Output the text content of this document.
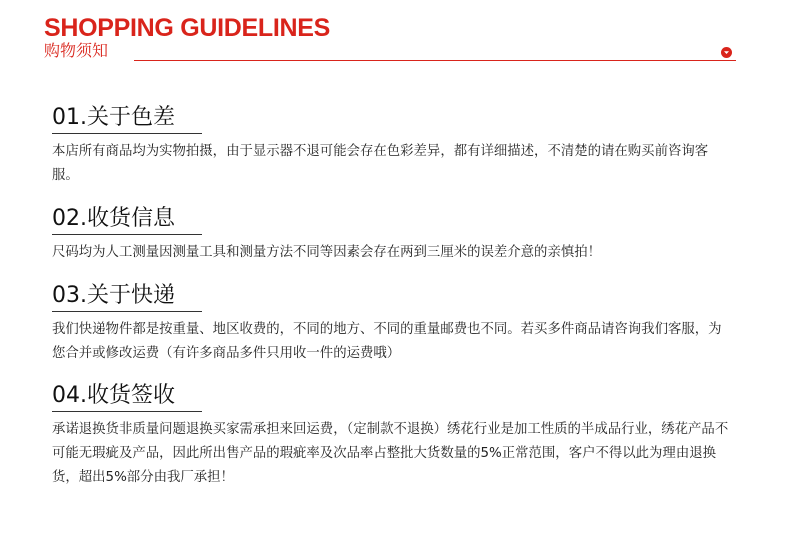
SHOPPING GUIDELINES
购物须知
01.关于色差
本店所有商品均为实物拍摄，由于显示器不退可能会存在色彩差异，都有详细描述，不清楚的请在购买前咨询客服。
02.收货信息
尺码均为人工测量因测量工具和测量方法不同等因素会存在两到三厘米的误差介意的亲慎拍！
03.关于快递
我们快递物件都是按重量、地区收费的，不同的地方、不同的重量邮费也不同。若买多件商品请咨询我们客服，为您合并或修改运费（有许多商品多件只用收一件的运费哦）
04.收货签收
承诺退换货非质量问题退换买家需承担来回运费，（定制款不退换）绣花行业是加工性质的半成品行业，绣花产品不可能无瑕疵及产品，因此所出售产品的瑕疵率及次品率占整批大货数量的5%正常范围，客户不得以此为理由退换货，超出5%部分由我厂承担！
